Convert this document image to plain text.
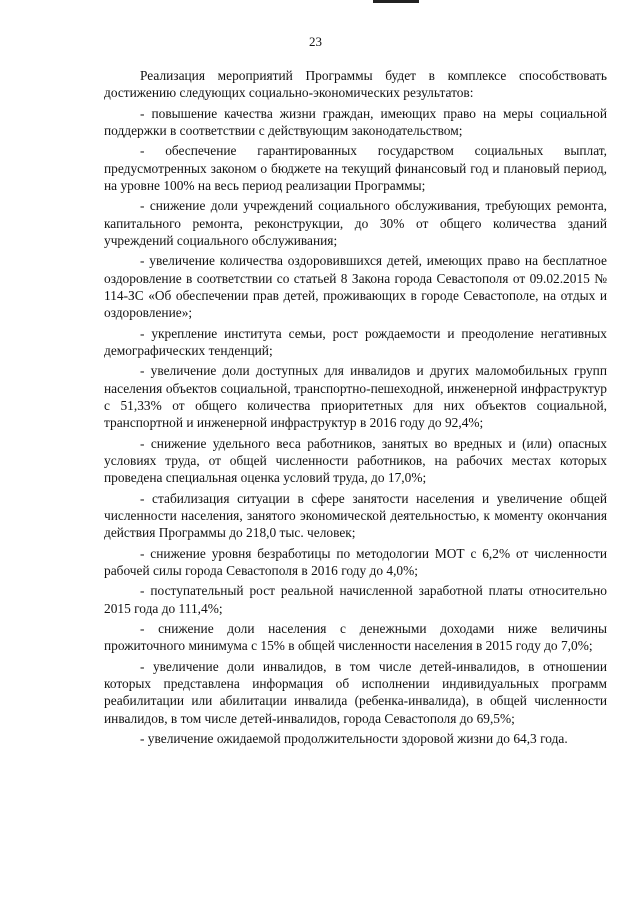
23

Реализация мероприятий Программы будет в комплексе способствовать достижению следующих социально-экономических результатов:

- повышение качества жизни граждан, имеющих право на меры социальной поддержки в соответствии с действующим законодательством;

- обеспечение гарантированных государством социальных выплат, предусмотренных законом о бюджете на текущий финансовый год и плановый период, на уровне 100% на весь период реализации Программы;

- снижение доли учреждений социального обслуживания, требующих ремонта, капитального ремонта, реконструкции, до 30% от общего количества зданий учреждений социального обслуживания;

- увеличение количества оздоровившихся детей, имеющих право на бесплатное оздоровление в соответствии со статьей 8 Закона города Севастополя от 09.02.2015 № 114-ЗС «Об обеспечении прав детей, проживающих в городе Севастополе, на отдых и оздоровление»;

- укрепление института семьи, рост рождаемости и преодоление негативных демографических тенденций;

- увеличение доли доступных для инвалидов и других маломобильных групп населения объектов социальной, транспортно-пешеходной, инженерной инфраструктур с 51,33% от общего количества приоритетных для них объектов социальной, транспортной и инженерной инфраструктур в 2016 году до 92,4%;

- снижение удельного веса работников, занятых во вредных и (или) опасных условиях труда, от общей численности работников, на рабочих местах которых проведена специальная оценка условий труда, до 17,0%;

- стабилизация ситуации в сфере занятости населения и увеличение общей численности населения, занятого экономической деятельностью, к моменту окончания действия Программы до 218,0 тыс. человек;

- снижение уровня безработицы по методологии МОТ с 6,2% от численности рабочей силы города Севастополя в 2016 году до 4,0%;

- поступательный рост реальной начисленной заработной платы относительно 2015 года до 111,4%;

- снижение доли населения с денежными доходами ниже величины прожиточного минимума с 15% в общей численности населения в 2015 году до 7,0%;

- увеличение доли инвалидов, в том числе детей-инвалидов, в отношении которых представлена информация об исполнении индивидуальных программ реабилитации или абилитации инвалида (ребенка-инвалида), в общей численности инвалидов, в том числе детей-инвалидов, города Севастополя до 69,5%;

- увеличение ожидаемой продолжительности здоровой жизни до 64,3 года.
